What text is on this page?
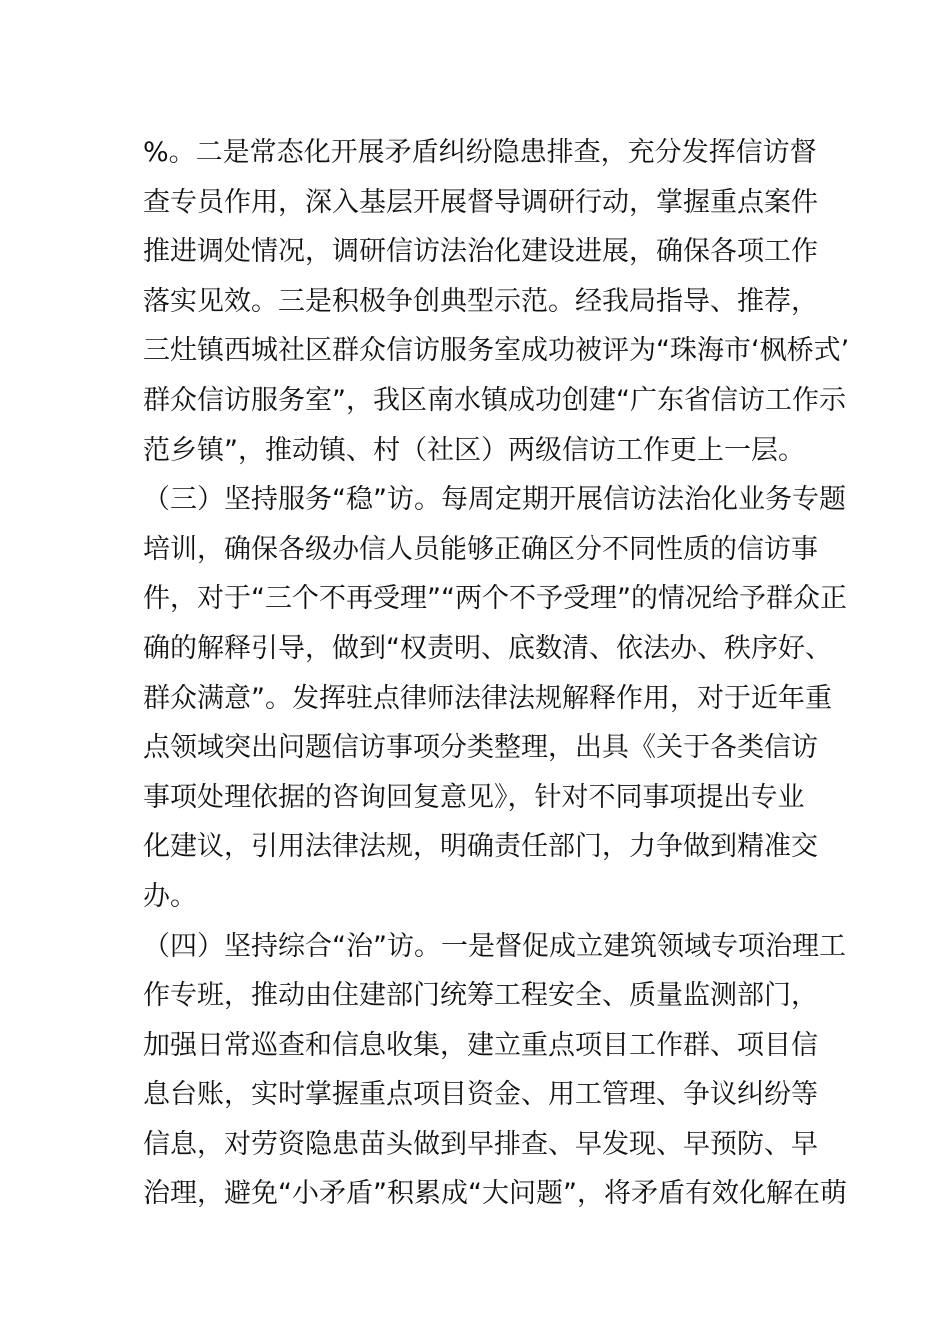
%。二是常态化开展矛盾纠纷隐患排查，充分发挥信访督
查专员作用，深入基层开展督导调研行动，掌握重点案件
推进调处情况，调研信访法治化建设进展，确保各项工作
落实见效。三是积极争创典型示范。经我局指导、推荐，
三灶镇西城社区群众信访服务室成功被评为“珠海市‘枫桥式’
群众信访服务室”，我区南水镇成功创建“广东省信访工作示
范乡镇”，推动镇、村（社区）两级信访工作更上一层。
（三）坚持服务“稳”访。每周定期开展信访法治化业务专题
培训，确保各级办信人员能够正确区分不同性质的信访事
件，对于“三个不再受理”“两个不予受理”的情况给予群众正
确的解释引导，做到“权责明、底数清、依法办、秩序好、
群众满意”。发挥驻点律师法律法规解释作用，对于近年重
点领域突出问题信访事项分类整理，出具《关于各类信访
事项处理依据的咨询回复意见》，针对不同事项提出专业
化建议，引用法律法规，明确责任部门，力争做到精准交
办。
（四）坚持综合“治”访。一是督促成立建筑领域专项治理工
作专班，推动由住建部门统筹工程安全、质量监测部门，
加强日常巡查和信息收集，建立重点项目工作群、项目信
息台账，实时掌握重点项目资金、用工管理、争议纠纷等
信息，对劳资隐患苗头做到早排查、早发现、早预防、早
治理，避免“小矛盾”积累成“大问题”，将矛盾有效化解在萌
